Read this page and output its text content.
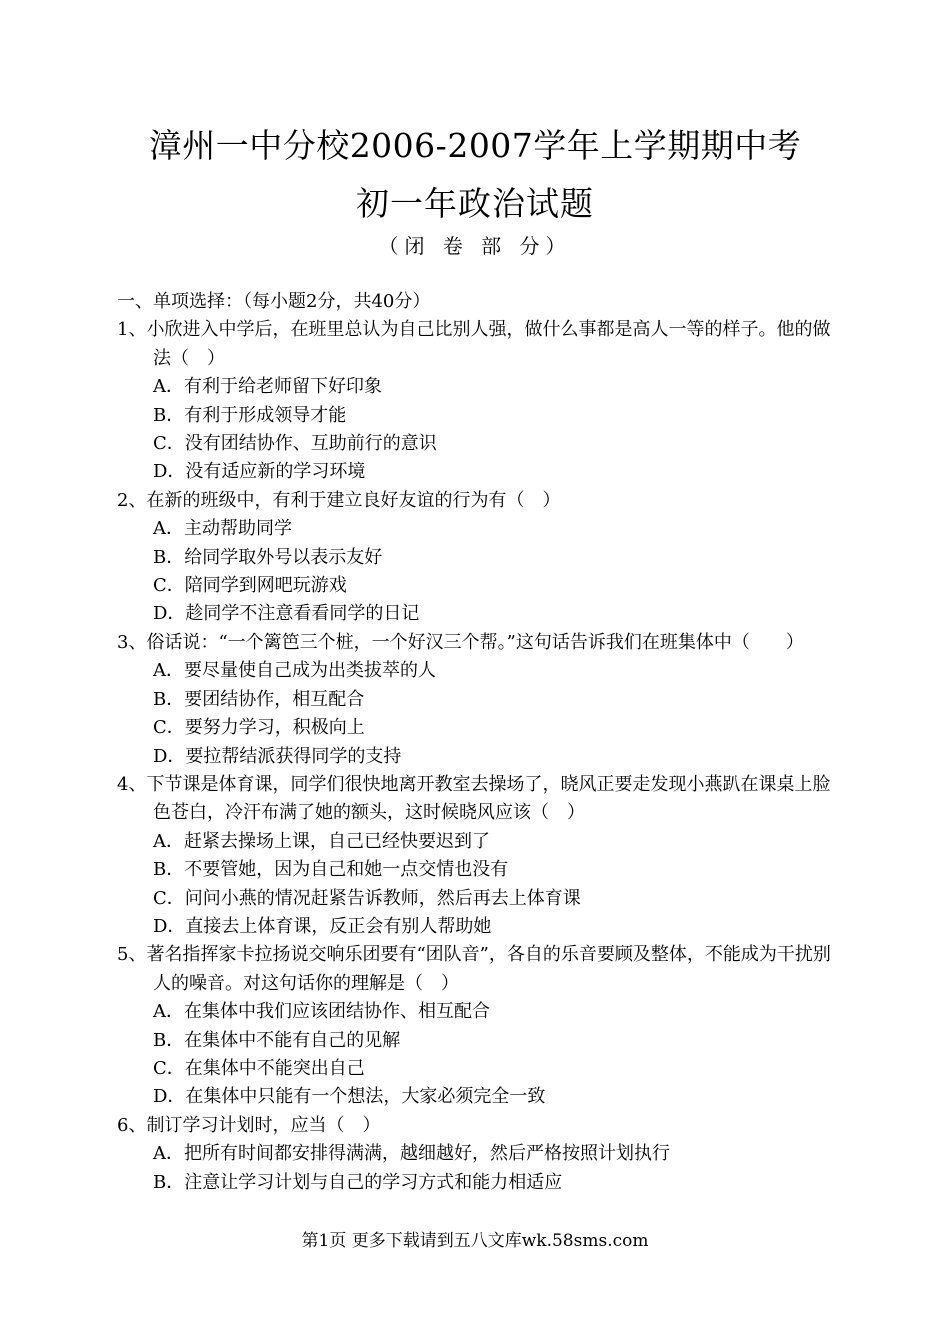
漳州一中分校2006-2007学年上学期期中考
初一年政治试题
（闭 卷 部 分）

一、单项选择：（每小题2分，共40分）

1、小欣进入中学后，在班里总认为自己比别人强，做什么事都是高人一等的样子。他的做法（　）

A．有利于给老师留下好印象

B．有利于形成领导才能

C．没有团结协作、互助前行的意识

D．没有适应新的学习环境

2、在新的班级中，有利于建立良好友谊的行为有（　）

A．主动帮助同学

B．给同学取外号以表示友好

C．陪同学到网吧玩游戏

D．趁同学不注意看看同学的日记

3、俗话说：“一个篱笆三个桩，一个好汉三个帮。”这句话告诉我们在班集体中（　　）

A．要尽量使自己成为出类拔萃的人

B．要团结协作，相互配合

C．要努力学习，积极向上

D．要拉帮结派获得同学的支持

4、下节课是体育课，同学们很快地离开教室去操场了，晓风正要走发现小燕趴在课桌上脸色苍白，冷汗布满了她的额头，这时候晓风应该（　）

A．赶紧去操场上课，自己已经快要迟到了

B．不要管她，因为自己和她一点交情也没有

C．问问小燕的情况赶紧告诉教师，然后再去上体育课

D．直接去上体育课，反正会有别人帮助她

5、著名指挥家卡拉扬说交响乐团要有“团队音”，各自的乐音要顾及整体，不能成为干扰别人的噪音。对这句话你的理解是（　）

A．在集体中我们应该团结协作、相互配合

B．在集体中不能有自己的见解

C．在集体中不能突出自己

D．在集体中只能有一个想法，大家必须完全一致

6、制订学习计划时，应当（　）

A．把所有时间都安排得满满，越细越好，然后严格按照计划执行

B．注意让学习计划与自己的学习方式和能力相适应

第1页 更多下载请到五八文库wk.58sms.com
